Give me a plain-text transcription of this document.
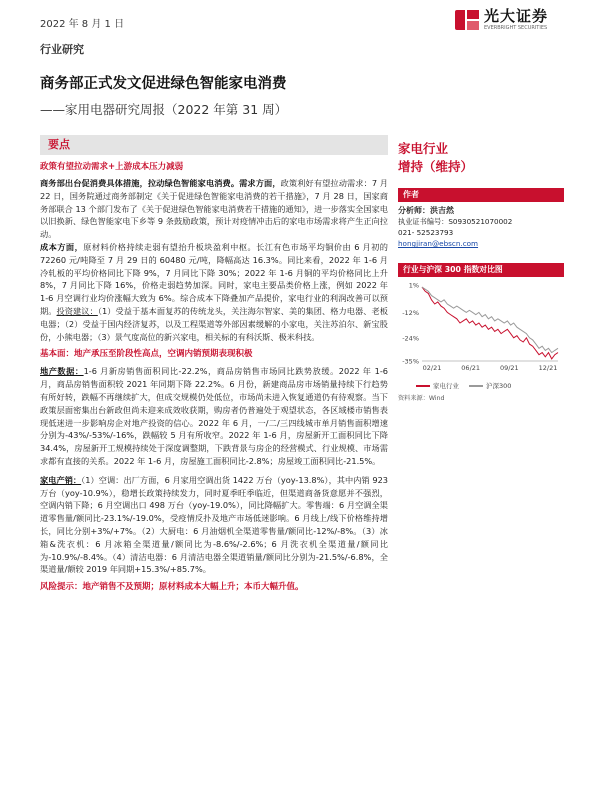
2022 年 8 月 1 日	光大证券
EVERBRIGHT SECURITIES
行业研究
商务部正式发文促进绿色智能家电消费
——家用电器研究周报（2022 年第 31 周）
要点
政策有望拉动需求+上游成本压力减弱

商务部出台促消费具体措施，拉动绿色智能家电消费。需求方面，政策利好有望拉动需求：7 月 22 日，国务院通过商务部制定《关于促进绿色智能家电消费的若干措施》，7 月 28 日，国家商务部联合 13 个部门发布了《关于促进绿色智能家电消费若干措施的通知》，进一步落实全国家电以旧换新、绿色智能家电下乡等 9 条鼓励政策，预计对疫情冲击后的家电市场需求将产生正向拉动。

成本方面，原材料价格持续走弱有望抬升板块盈利中枢。长江有色市场平均铜价由 6 月初的 72260 元/吨降至 7 月 29 日的 60480 元/吨，降幅高达 16.3%。同比来看，2022 年 1-6 月冷轧板的平均价格同比下降 9%，7 月同比下降 30%；2022 年 1-6 月铜的平均价格同比上升 8%，7 月同比下降 16%，价格走弱趋势加深。同时，家电主要品类价格上涨，例如 2022 年 1-6 月空调行业均价涨幅大致为 6%。综合成本下降叠加产品提价，家电行业的利润改善可以预期。投资建议：（1）受益于基本面复苏的传统龙头，关注海尔智家、美的集团、格力电器、老板电器；（2）受益于国内经济复苏，以及工程渠道等外部因素缓解的小家电，关注苏泊尔、新宝股份，小熊电器；（3）景气度高位的新兴家电，相关标的有科沃斯、极米科技。

基本面：地产承压至阶段性高点，空调内销预期表现积极

地产数据：1-6 月新房销售面积同比-22.2%，商品房销售市场同比跌势放缓。2022 年 1-6 月，商品房销售面积较 2021 年同期下降 22.2%。6 月份，新建商品房市场销量持续下行趋势有所好转，跌幅不再继续扩大，但成交规模仍处低位，市场尚未进入恢复通道仍有待观察。当下政策层面密集出台新政但尚未迎来成效收获期，购房者仍普遍处于观望状态，各区域楼市销售表现低迷进一步影响房企对地产投资的信心。2022 年 6 月，一/二/三四线城市单月销售面积增速分别为-43%/-53%/-16%，跌幅较 5 月有所收窄。2022 年 1-6 月，房屋新开工面积同比下降 34.4%，房屋新开工规模持续处于深度调整期，下跌背景与房企的经营模式、行业规模、市场需求都有直接的关系。2022 年 1-6 月，房屋施工面积同比-2.8%；房屋竣工面积同比-21.5%。

家电产销：（1）空调：出厂方面，6 月家用空调出货 1422 万台（yoy-13.8%），其中内销 923 万台（yoy-10.9%），稳增长政策持续发力，同时夏季旺季临近，但渠道商备货意愿并不强烈，空调内销下降；6 月空调出口 498 万台（yoy-19.0%），同比降幅扩大。零售端：6 月空调全渠道零售量/额同比-23.1%/-19.0%，受疫情反扑及地产市场低迷影响。6 月线上/线下价格维持增长，同比分别+3%/+7%。（2）大厨电：6 月油烟机全渠道零售量/额同比-12%/-8%。（3）冰箱&洗衣机：6 月冰箱全渠道量/额同比为-8.6%/-2.6%；6 月洗衣机全渠道量/额同比为-10.9%/-8.4%。（4）清洁电器：6 月清洁电器全渠道销量/额同比分别为-21.5%/-6.8%，全渠道量/额较 2019 年同期+15.3%/+85.7%。

风险提示：地产销售不及预期；原材料成本大幅上升；本币大幅升值。
家电行业
增持（维持）
作者
分析师：洪吉然
执业证书编号：S0930521070002
021- 52523793
hongjiran@ebscn.com
行业与沪深 300 指数对比图
1%
-12%
-24%
-35%
02/21	06/21	09/21	12/21
家电行业	沪深300
资料来源：Wind
